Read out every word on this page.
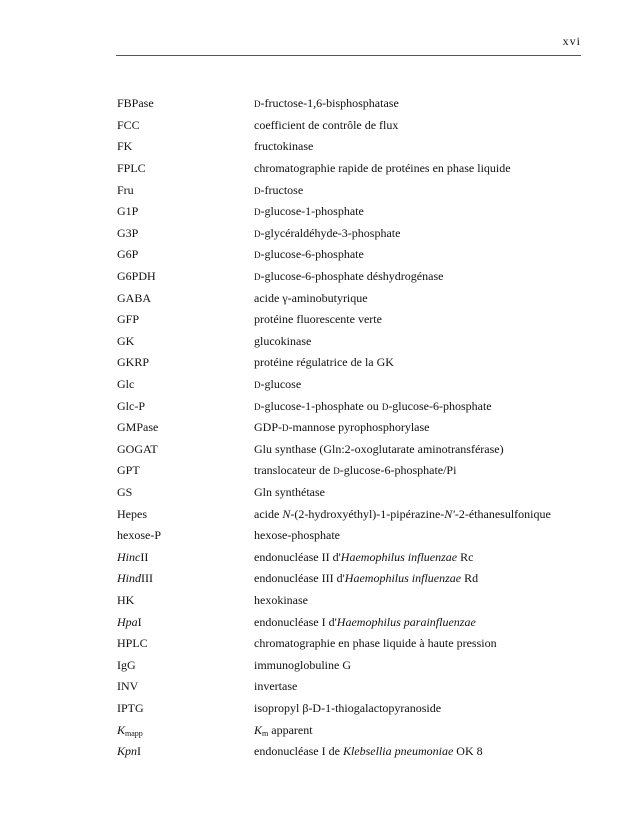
xvi
FBPase	D-fructose-1,6-bisphosphatase
FCC	coefficient de contrôle de flux
FK	fructokinase
FPLC	chromatographie rapide de protéines en phase liquide
Fru	D-fructose
G1P	D-glucose-1-phosphate
G3P	D-glycéraldéhyde-3-phosphate
G6P	D-glucose-6-phosphate
G6PDH	D-glucose-6-phosphate déshydrogénase
GABA	acide γ-aminobutyrique
GFP	protéine fluorescente verte
GK	glucokinase
GKRP	protéine régulatrice de la GK
Glc	D-glucose
Glc-P	D-glucose-1-phosphate ou D-glucose-6-phosphate
GMPase	GDP-D-mannose pyrophosphorylase
GOGAT	Glu synthase (Gln:2-oxoglutarate aminotransférase)
GPT	translocateur de D-glucose-6-phosphate/Pi
GS	Gln synthétase
Hepes	acide N-(2-hydroxyéthyl)-1-pipérazine-N'-2-éthanesulfonique
hexose-P	hexose-phosphate
HincII	endonucléase II d'Haemophilus influenzae Rc
HindIII	endonucléase III d'Haemophilus influenzae Rd
HK	hexokinase
HpaI	endonucléase I d'Haemophilus parainfluenzae
HPLC	chromatographie en phase liquide à haute pression
IgG	immunoglobuline G
INV	invertase
IPTG	isopropyl β-D-1-thiogalactopyranoside
$K_{mapp}$	$K_m$ apparent
KpnI	endonucléase I de Klebsellia pneumoniae OK 8
